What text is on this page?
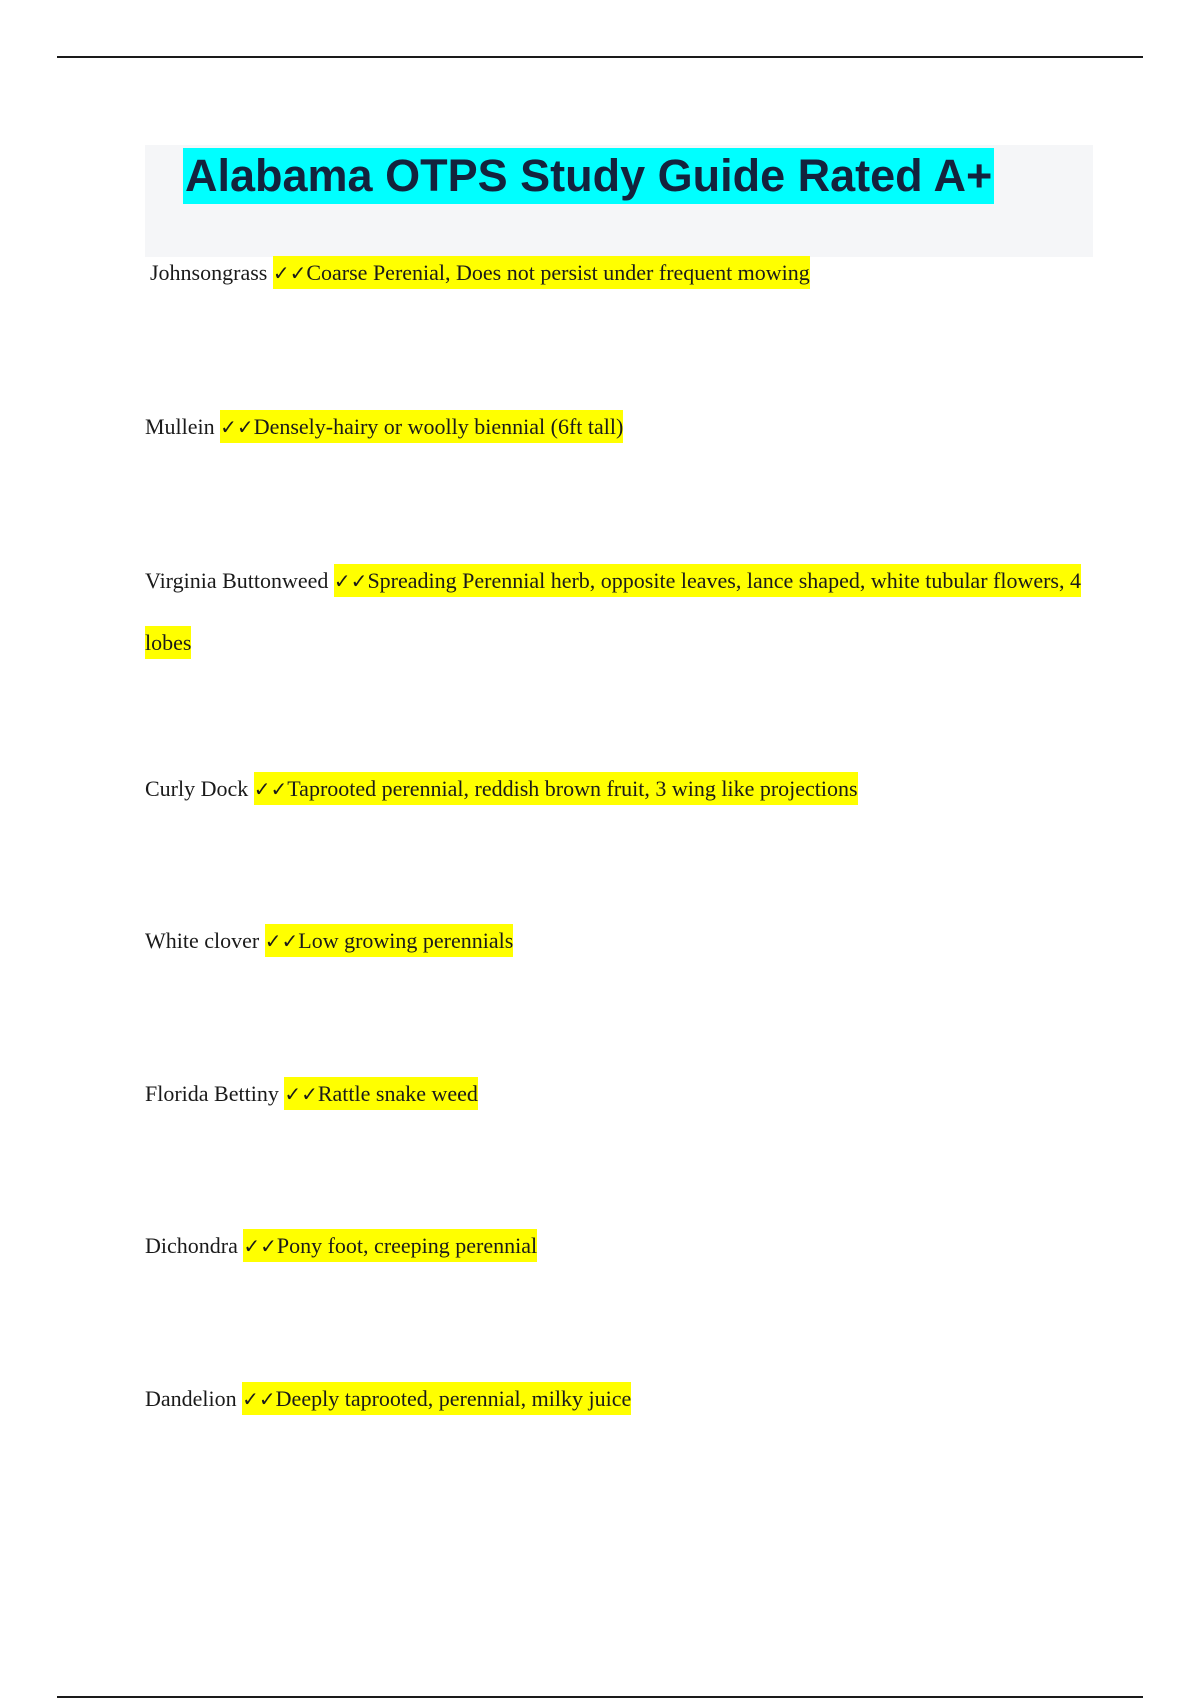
Alabama OTPS Study Guide Rated A+

Johnsongrass ✓✓Coarse Perenial, Does not persist under frequent mowing

Mullein ✓✓Densely-hairy or woolly biennial (6ft tall)

Virginia Buttonweed ✓✓Spreading Perennial herb, opposite leaves, lance shaped, white tubular flowers, 4 lobes

Curly Dock ✓✓Taprooted perennial, reddish brown fruit, 3 wing like projections

White clover ✓✓Low growing perennials

Florida Bettiny ✓✓Rattle snake weed

Dichondra ✓✓Pony foot, creeping perennial

Dandelion ✓✓Deeply taprooted, perennial, milky juice
